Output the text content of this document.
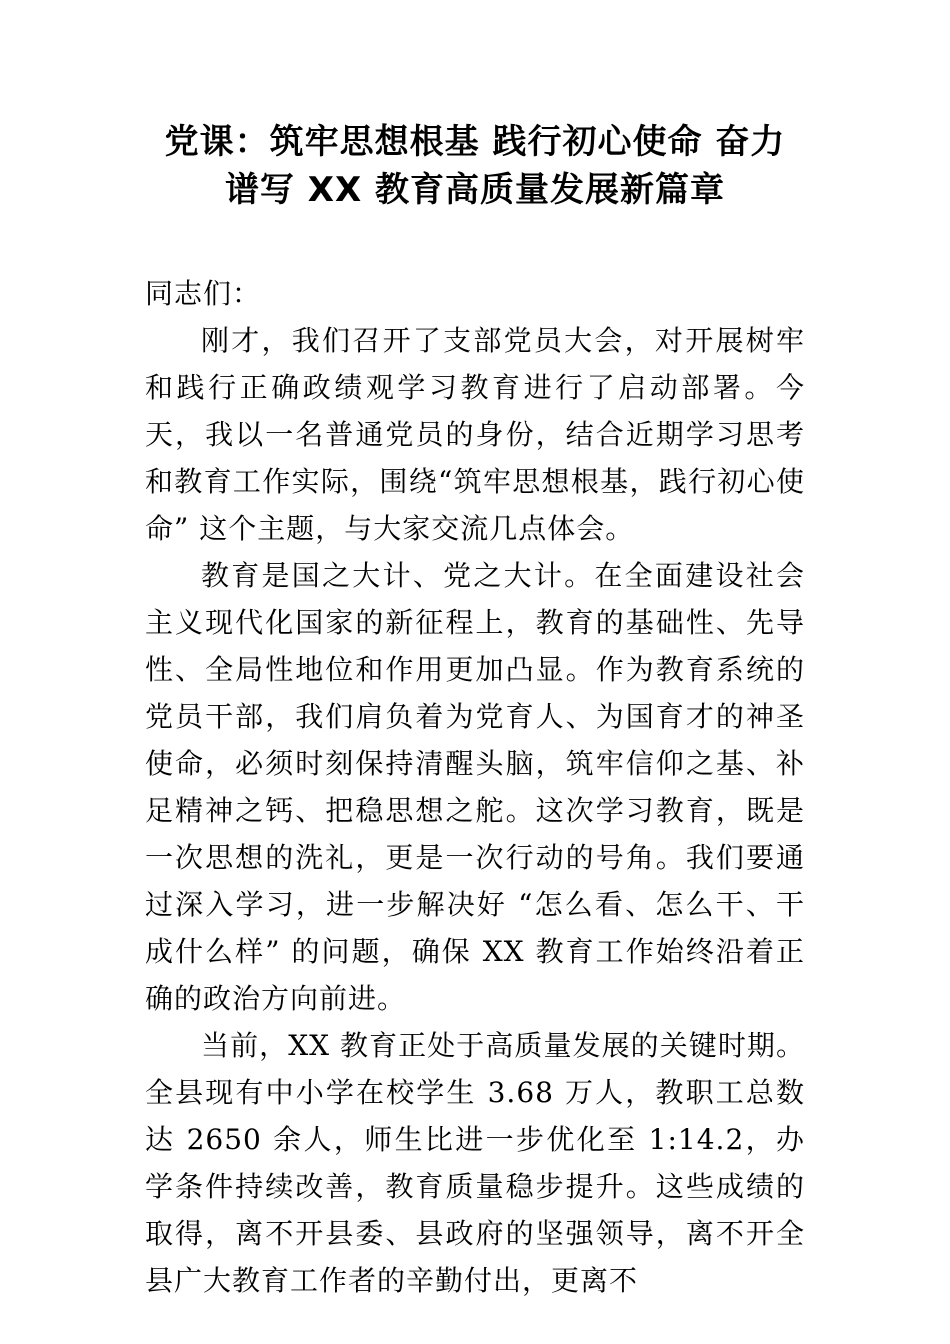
党课：筑牢思想根基 践行初心使命 奋力
谱写 XX 教育高质量发展新篇章

同志们：

刚才，我们召开了支部党员大会，对开展树牢和践行正确政绩观学习教育进行了启动部署。今天，我以一名普通党员的身份，结合近期学习思考和教育工作实际，围绕“筑牢思想根基，践行初心使命” 这个主题，与大家交流几点体会。

教育是国之大计、党之大计。在全面建设社会主义现代化国家的新征程上，教育的基础性、先导性、全局性地位和作用更加凸显。作为教育系统的党员干部，我们肩负着为党育人、为国育才的神圣使命，必须时刻保持清醒头脑，筑牢信仰之基、补足精神之钙、把稳思想之舵。这次学习教育，既是一次思想的洗礼，更是一次行动的号角。我们要通过深入学习，进一步解决好 “怎么看、怎么干、干成什么样” 的问题，确保 XX 教育工作始终沿着正确的政治方向前进。

当前，XX 教育正处于高质量发展的关键时期。全县现有中小学在校学生 3.68 万人，教职工总数达 2650 余人，师生比进一步优化至 1:14.2，办学条件持续改善，教育质量稳步提升。这些成绩的取得，离不开县委、县政府的坚强领导，离不开全县广大教育工作者的辛勤付出，更离不
